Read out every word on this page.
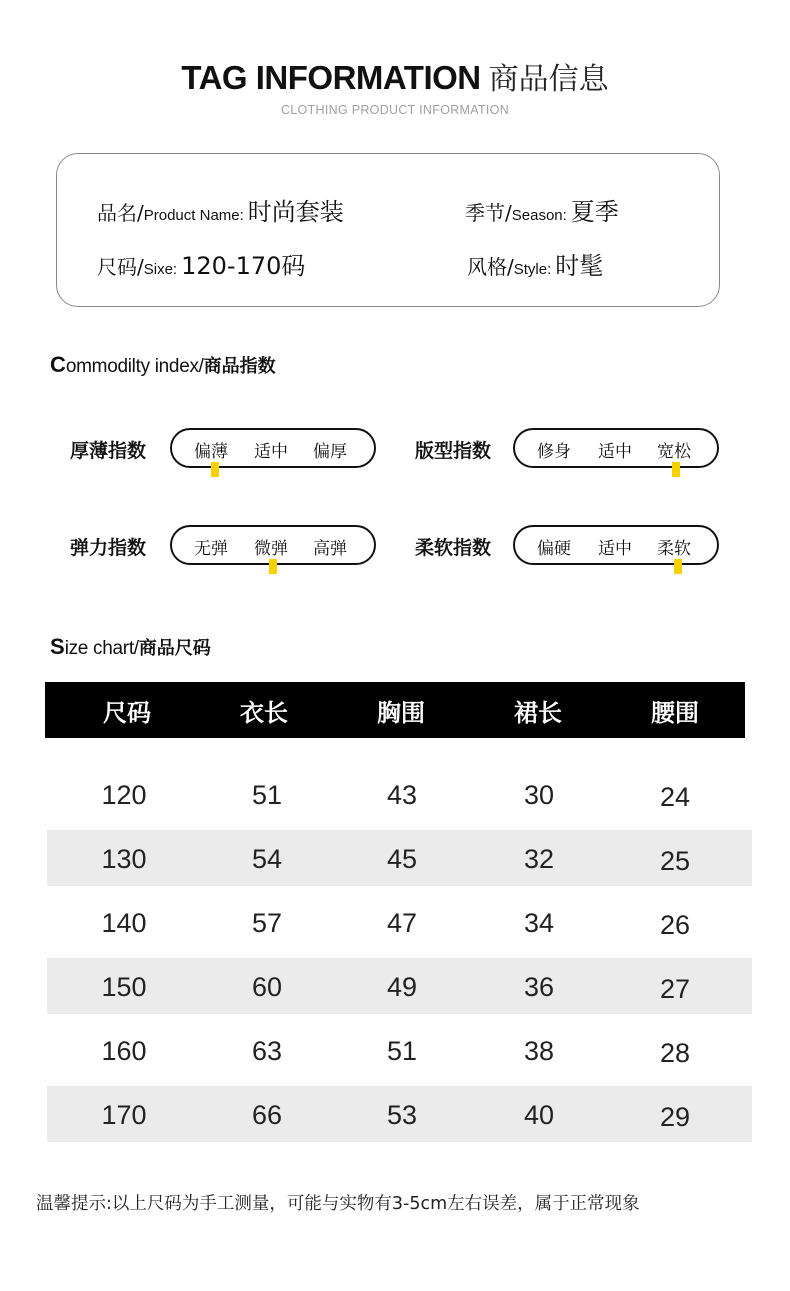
TAG INFORMATION 商品信息
CLOTHING PRODUCT INFORMATION
品名/ Product Name: 时尚套装	季节/ Season: 夏季
尺码/ Sixe: 120-170码	风格/ Style: 时髦
Commodilty index/商品指数
厚薄指数	偏薄 适中 偏厚	版型指数	修身 适中 宽松
弹力指数	无弹 微弹 高弹	柔软指数	偏硬 适中 柔软
Size chart/商品尺码
尺码	衣长	胸围	裙长	腰围
120	51	43	30	24
130	54	45	32	25
140	57	47	34	26
150	60	49	36	27
160	63	51	38	28
170	66	53	40	29
温馨提示:以上尺码为手工测量，可能与实物有3-5cm左右误差，属于正常现象
